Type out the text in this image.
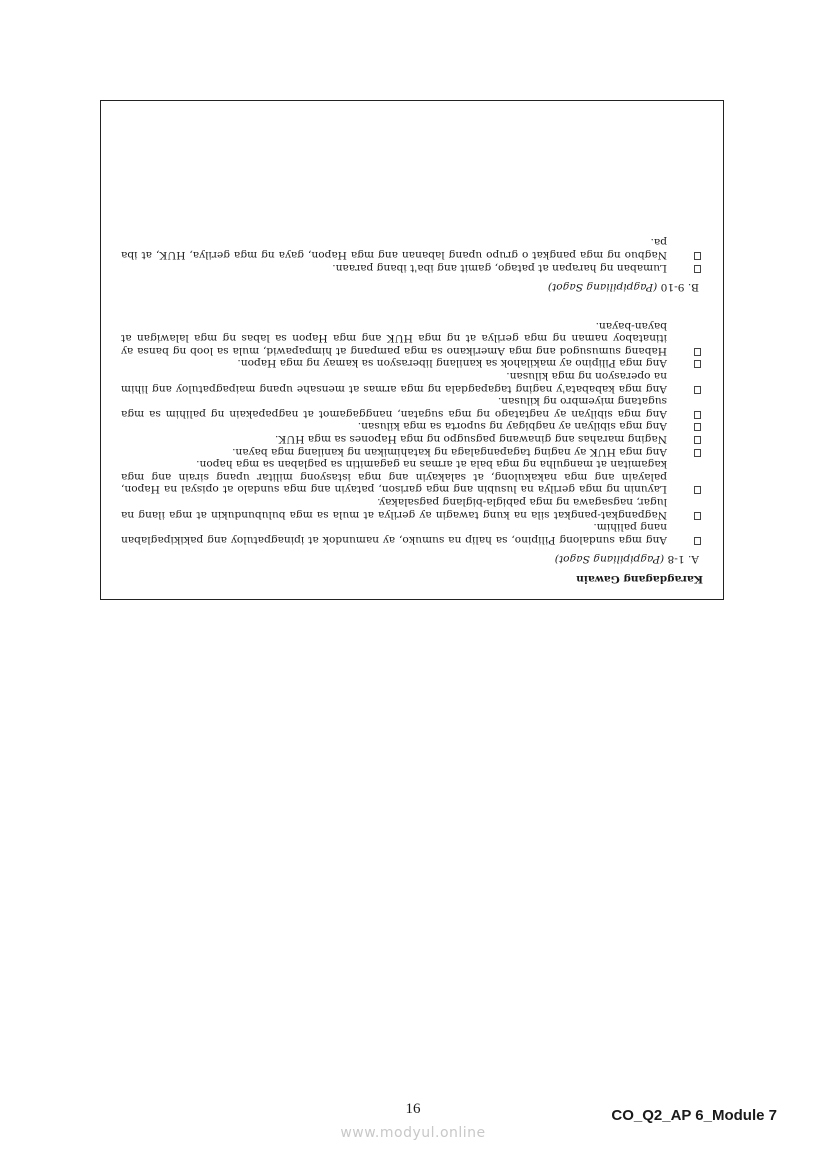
Karagdagang Gawain
A. 1-8 (Pagpipiliang Sagot)
Ang mga sundalong Pilipino, sa halip na sumuko, ay namundok at ipinagpatuloy ang pakikipaglaban nang palihim.
Nagpangkat-pangkat sila na kung tawagin ay gerilya at mula sa mga bulubundukin at mga ilang na lugar, nagsagawa ng mga pabigla-biglang pagsalakay.
Layunin ng mga gerilya na lusubin ang mga garison, patayin ang mga sundalo at opisyal na Hapon, palayain ang mga nakakulong, at salakayin ang mga istasyong militar upang sirain ang mga kagamitan at mangulha ng mga bala at armas na gagamitin sa paglaban sa mga hapon.
Ang mga HUK ay naging tagapangalaga ng katahimikan ng kanilang mga bayan.
Naging marahas ang ginawang pagsugpo ng mga Hapones sa mga HUK.
Ang mga sibilyan ay nagbigay ng suporta sa mga kilusan.
Ang mga sibilyan ay nagtatago ng mga sugatan, nanggagamot at nagpapakain ng palihim sa mga sugatang miyembro ng kilusan.
Ang mga kababata'y naging tagapagdala ng mga armas at mensahe upang maipagpatuloy ang lihim na operasyon ng mga kilusan.
Ang mga Pilipino ay makilahok sa kanilang liberasyon sa kamay ng mga Hapon.
Habang sumusugod ang mga Amerikano sa mga pampang at himpapawid, mula sa loob ng bansa ay itinataboy naman ng mga gerilya at ng mga HUK ang mga Hapon sa labas ng mga lalawigan at bayan-bayan.
B. 9-10 (Pagpipiliang Sagot)
Lumaban ng harapan at patago, gamit ang iba't ibang paraan.
Nagbuo ng mga pangkat o grupo upang labanan ang mga Hapon, gaya ng mga gerilya, HUK, at iba pa.
16	CO_Q2_AP 6_Module 7
www.modyul.online
